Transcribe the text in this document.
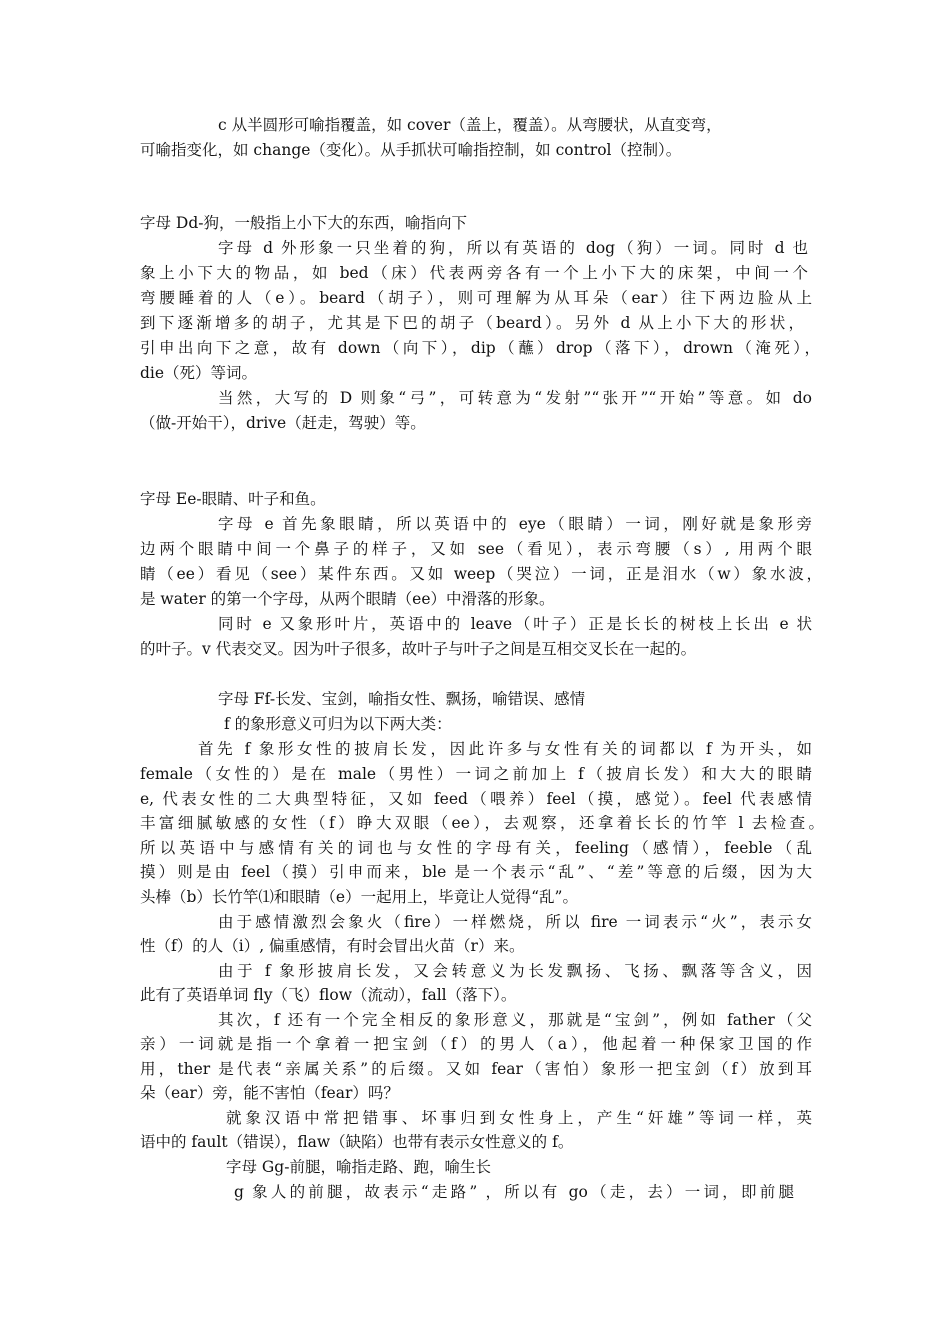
c 从半圆形可喻指覆盖，如 cover（盖上，覆盖）。从弯腰状，从直变弯，
可喻指变化，如 change（变化）。从手抓状可喻指控制，如 control（控制）。
字母 Dd-狗，一般指上小下大的东西，喻指向下
字母 d 外形象一只坐着的狗，所以有英语的 dog（狗）一词。同时 d 也
象上小下大的物品，如 bed（床）代表两旁各有一个上小下大的床架，中间一个
弯腰睡着的人（e）。beard（胡子），则可理解为从耳朵（ear）往下两边脸从上
到下逐渐增多的胡子，尤其是下巴的胡子（beard）。另外 d 从上小下大的形状，
引申出向下之意，故有 down（向下），dip（蘸）drop（落下），drown（淹死），
die（死）等词。
当然，大写的 D 则象“弓”，可转意为“发射”“张开”“开始”等意。如 do
（做-开始干），drive（赶走，驾驶）等。
字母 Ee-眼睛、叶子和鱼。
字母 e 首先象眼睛，所以英语中的 eye（眼睛）一词，刚好就是象形旁
边两个眼睛中间一个鼻子的样子，又如 see（看见），表示弯腰（s）, 用两个眼
睛（ee）看见（see）某件东西。又如 weep（哭泣）一词，正是泪水（w）象水波，
是 water 的第一个字母，从两个眼睛（ee）中滑落的形象。
同时 e 又象形叶片，英语中的 leave（叶子）正是长长的树枝上长出 e 状
的叶子。v 代表交叉。因为叶子很多，故叶子与叶子之间是互相交叉长在一起的。
字母 Ff-长发、宝剑，喻指女性、飘扬，喻错误、感情
f 的象形意义可归为以下两大类：
首先 f 象形女性的披肩长发，因此许多与女性有关的词都以 f 为开头，如
female（女性的）是在 male（男性）一词之前加上 f（披肩长发）和大大的眼睛
e, 代表女性的二大典型特征，又如 feed（喂养）feel（摸，感觉）。feel 代表感情
丰富细腻敏感的女性（f）睁大双眼（ee），去观察，还拿着长长的竹竿 l 去检查。
所以英语中与感情有关的词也与女性的字母有关，feeling（感情），feeble（乱
摸）则是由 feel（摸）引申而来，ble 是一个表示“乱”、“差”等意的后缀，因为大
头棒（b）长竹竿⑴和眼睛（e）一起用上，毕竟让人觉得“乱”。
由于感情激烈会象火（fire）一样燃烧，所以 fire 一词表示“火”，表示女
性（f）的人（i）, 偏重感情，有时会冒出火苗（r）来。
由于 f 象形披肩长发，又会转意义为长发飘扬、飞扬、飘落等含义，因
此有了英语单词 fly（飞）flow（流动），fall（落下）。
其次，f 还有一个完全相反的象形意义，那就是“宝剑”，例如 father（父
亲）一词就是指一个拿着一把宝剑（f）的男人（a），他起着一种保家卫国的作
用，ther 是代表“亲属关系”的后缀。又如 fear（害怕）象形一把宝剑（f）放到耳
朵（ear）旁，能不害怕（fear）吗？
就象汉语中常把错事、坏事归到女性身上，产生“奸雄”等词一样，英
语中的 fault（错误），flaw（缺陷）也带有表示女性意义的 f。
字母 Gg-前腿，喻指走路、跑，喻生长
g 象人的前腿，故表示“走路” ，所以有 go（走，去）一词，即前腿
